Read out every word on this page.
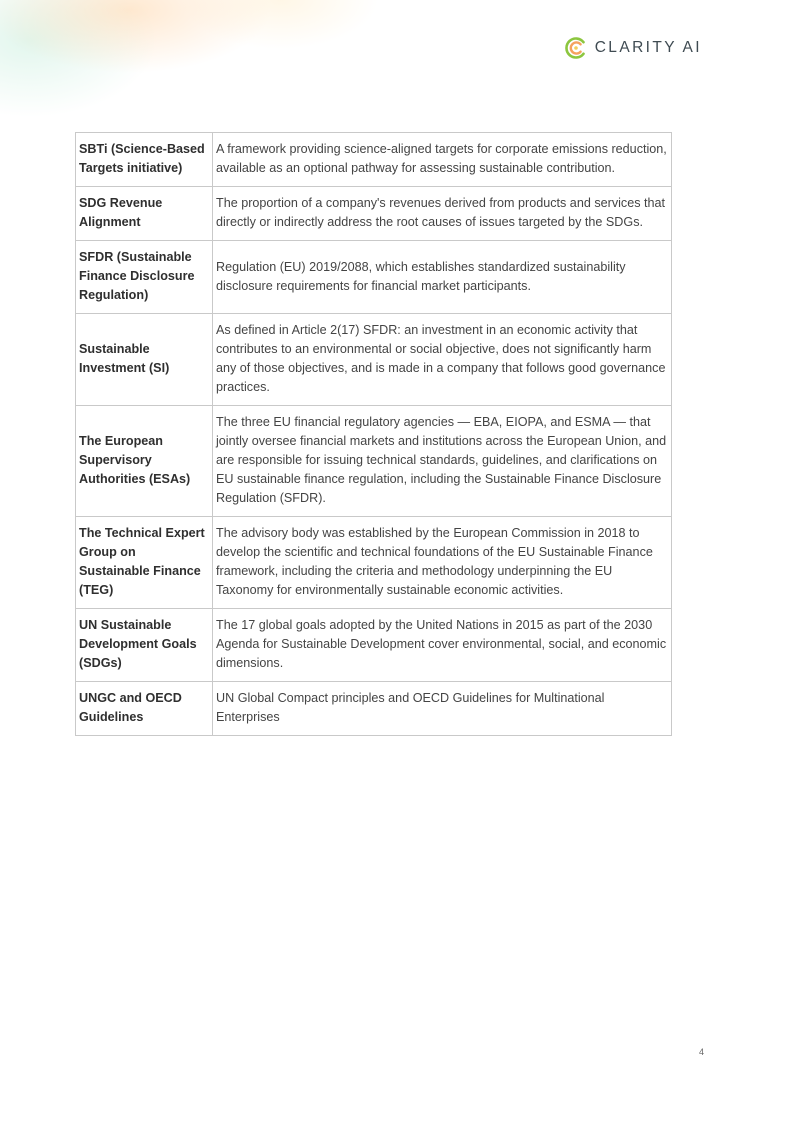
CLARITY AI
SBTi (Science-Based Targets initiative)	A framework providing science-aligned targets for corporate emissions reduction, available as an optional pathway for assessing sustainable contribution.
SDG Revenue Alignment	The proportion of a company's revenues derived from products and services that directly or indirectly address the root causes of issues targeted by the SDGs.
SFDR (Sustainable Finance Disclosure Regulation)	Regulation (EU) 2019/2088, which establishes standardized sustainability disclosure requirements for financial market participants.
Sustainable Investment (SI)	As defined in Article 2(17) SFDR: an investment in an economic activity that contributes to an environmental or social objective, does not significantly harm any of those objectives, and is made in a company that follows good governance practices.
The European Supervisory Authorities (ESAs)	The three EU financial regulatory agencies — EBA, EIOPA, and ESMA — that jointly oversee financial markets and institutions across the European Union, and are responsible for issuing technical standards, guidelines, and clarifications on EU sustainable finance regulation, including the Sustainable Finance Disclosure Regulation (SFDR).
The Technical Expert Group on Sustainable Finance (TEG)	The advisory body was established by the European Commission in 2018 to develop the scientific and technical foundations of the EU Sustainable Finance framework, including the criteria and methodology underpinning the EU Taxonomy for environmentally sustainable economic activities.
UN Sustainable Development Goals (SDGs)	The 17 global goals adopted by the United Nations in 2015 as part of the 2030 Agenda for Sustainable Development cover environmental, social, and economic dimensions.
UNGC and OECD Guidelines	UN Global Compact principles and OECD Guidelines for Multinational Enterprises
4
